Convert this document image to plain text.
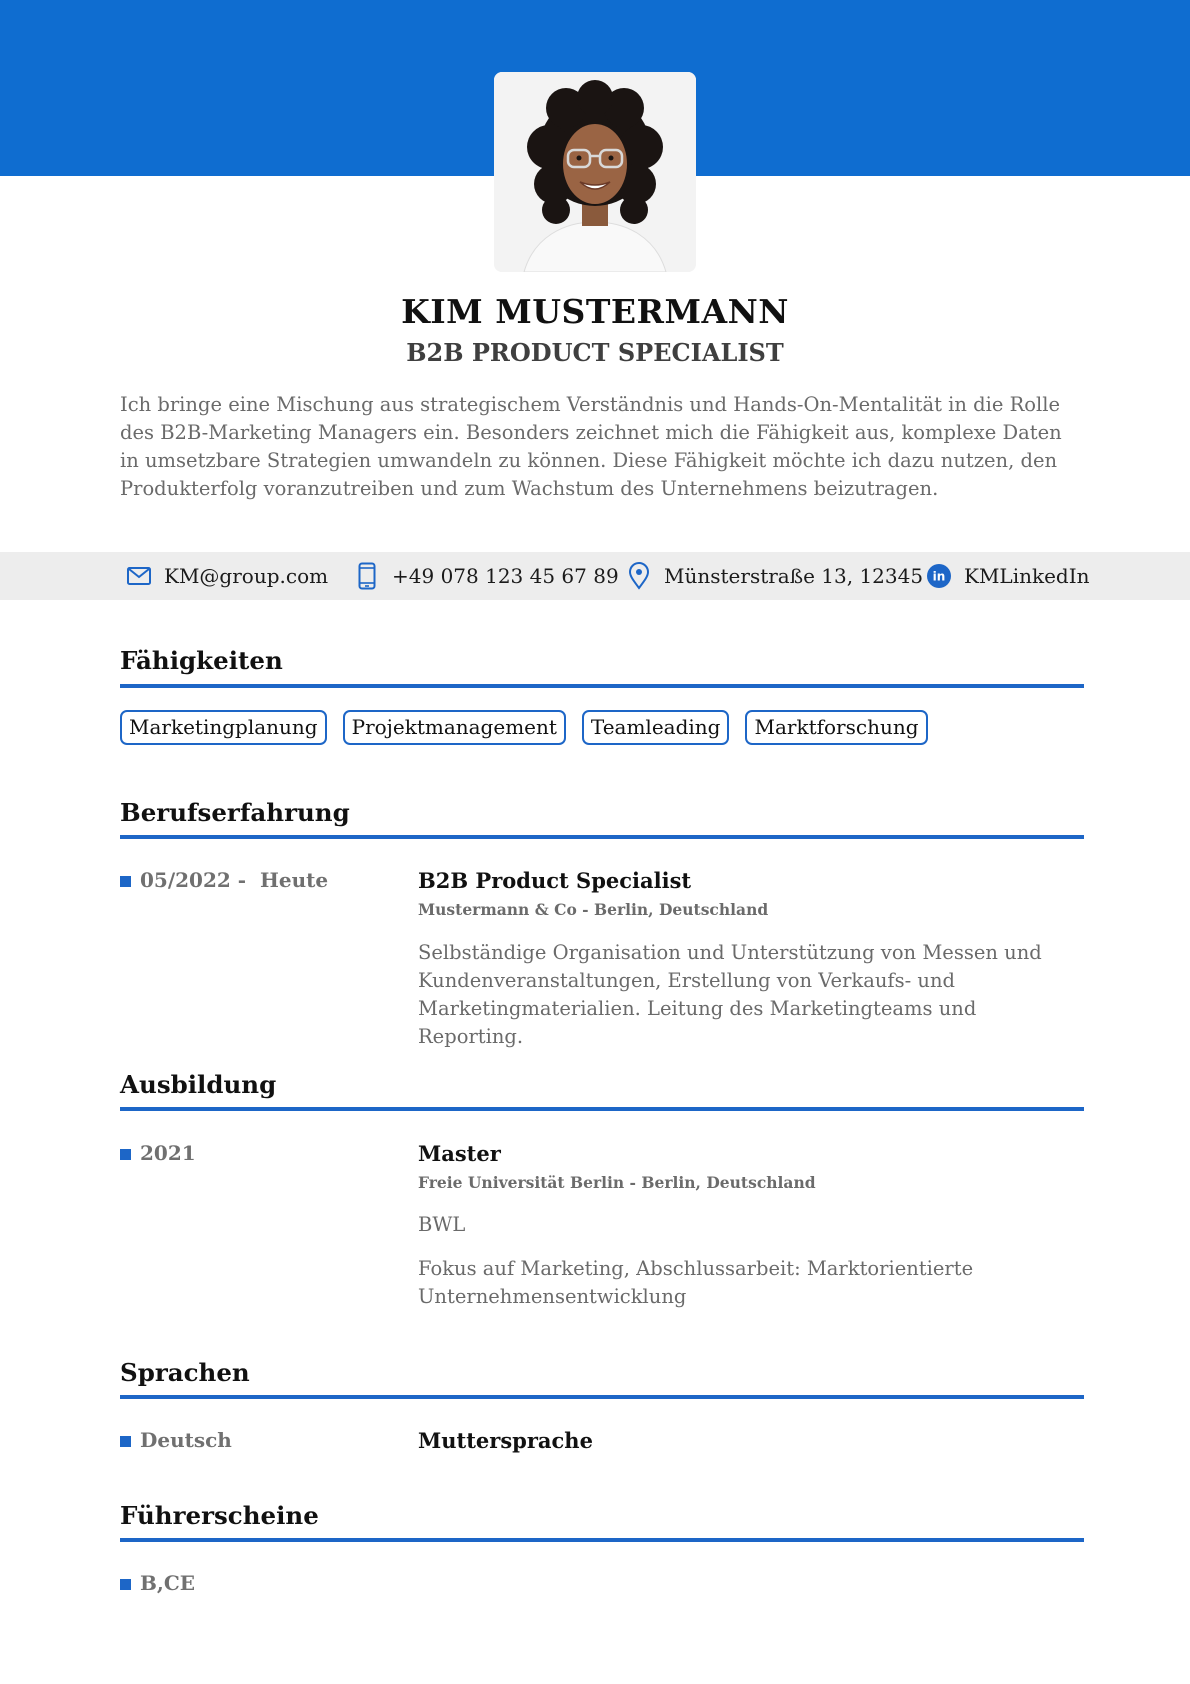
KIM MUSTERMANN
B2B PRODUCT SPECIALIST
Ich bringe eine Mischung aus strategischem Verständnis und Hands-On-Mentalität in die Rolle des B2B-Marketing Managers ein. Besonders zeichnet mich die Fähigkeit aus, komplexe Daten in umsetzbare Strategien umwandeln zu können. Diese Fähigkeit möchte ich dazu nutzen, den Produkterfolg voranzutreiben und zum Wachstum des Unternehmens beizutragen.
KM@group.com	+49 078 123 45 67 89 Münsterstraße 13, 12345 in KMLinkedIn
Fähigkeiten
Marketingplanung	Projektmanagement	Teamleading	Marktforschung
Berufserfahrung
05/2022 -  Heute	B2B Product Specialist
Mustermann & Co - Berlin, Deutschland
Selbständige Organisation und Unterstützung von Messen und Kundenveranstaltungen, Erstellung von Verkaufs- und Marketingmaterialien. Leitung des Marketingteams und Reporting.
Ausbildung
2021	Master
Freie Universität Berlin - Berlin, Deutschland
BWL
Fokus auf Marketing, Abschlussarbeit: Marktorientierte Unternehmensentwicklung
Sprachen
Deutsch	Muttersprache
Führerscheine
B,CE
